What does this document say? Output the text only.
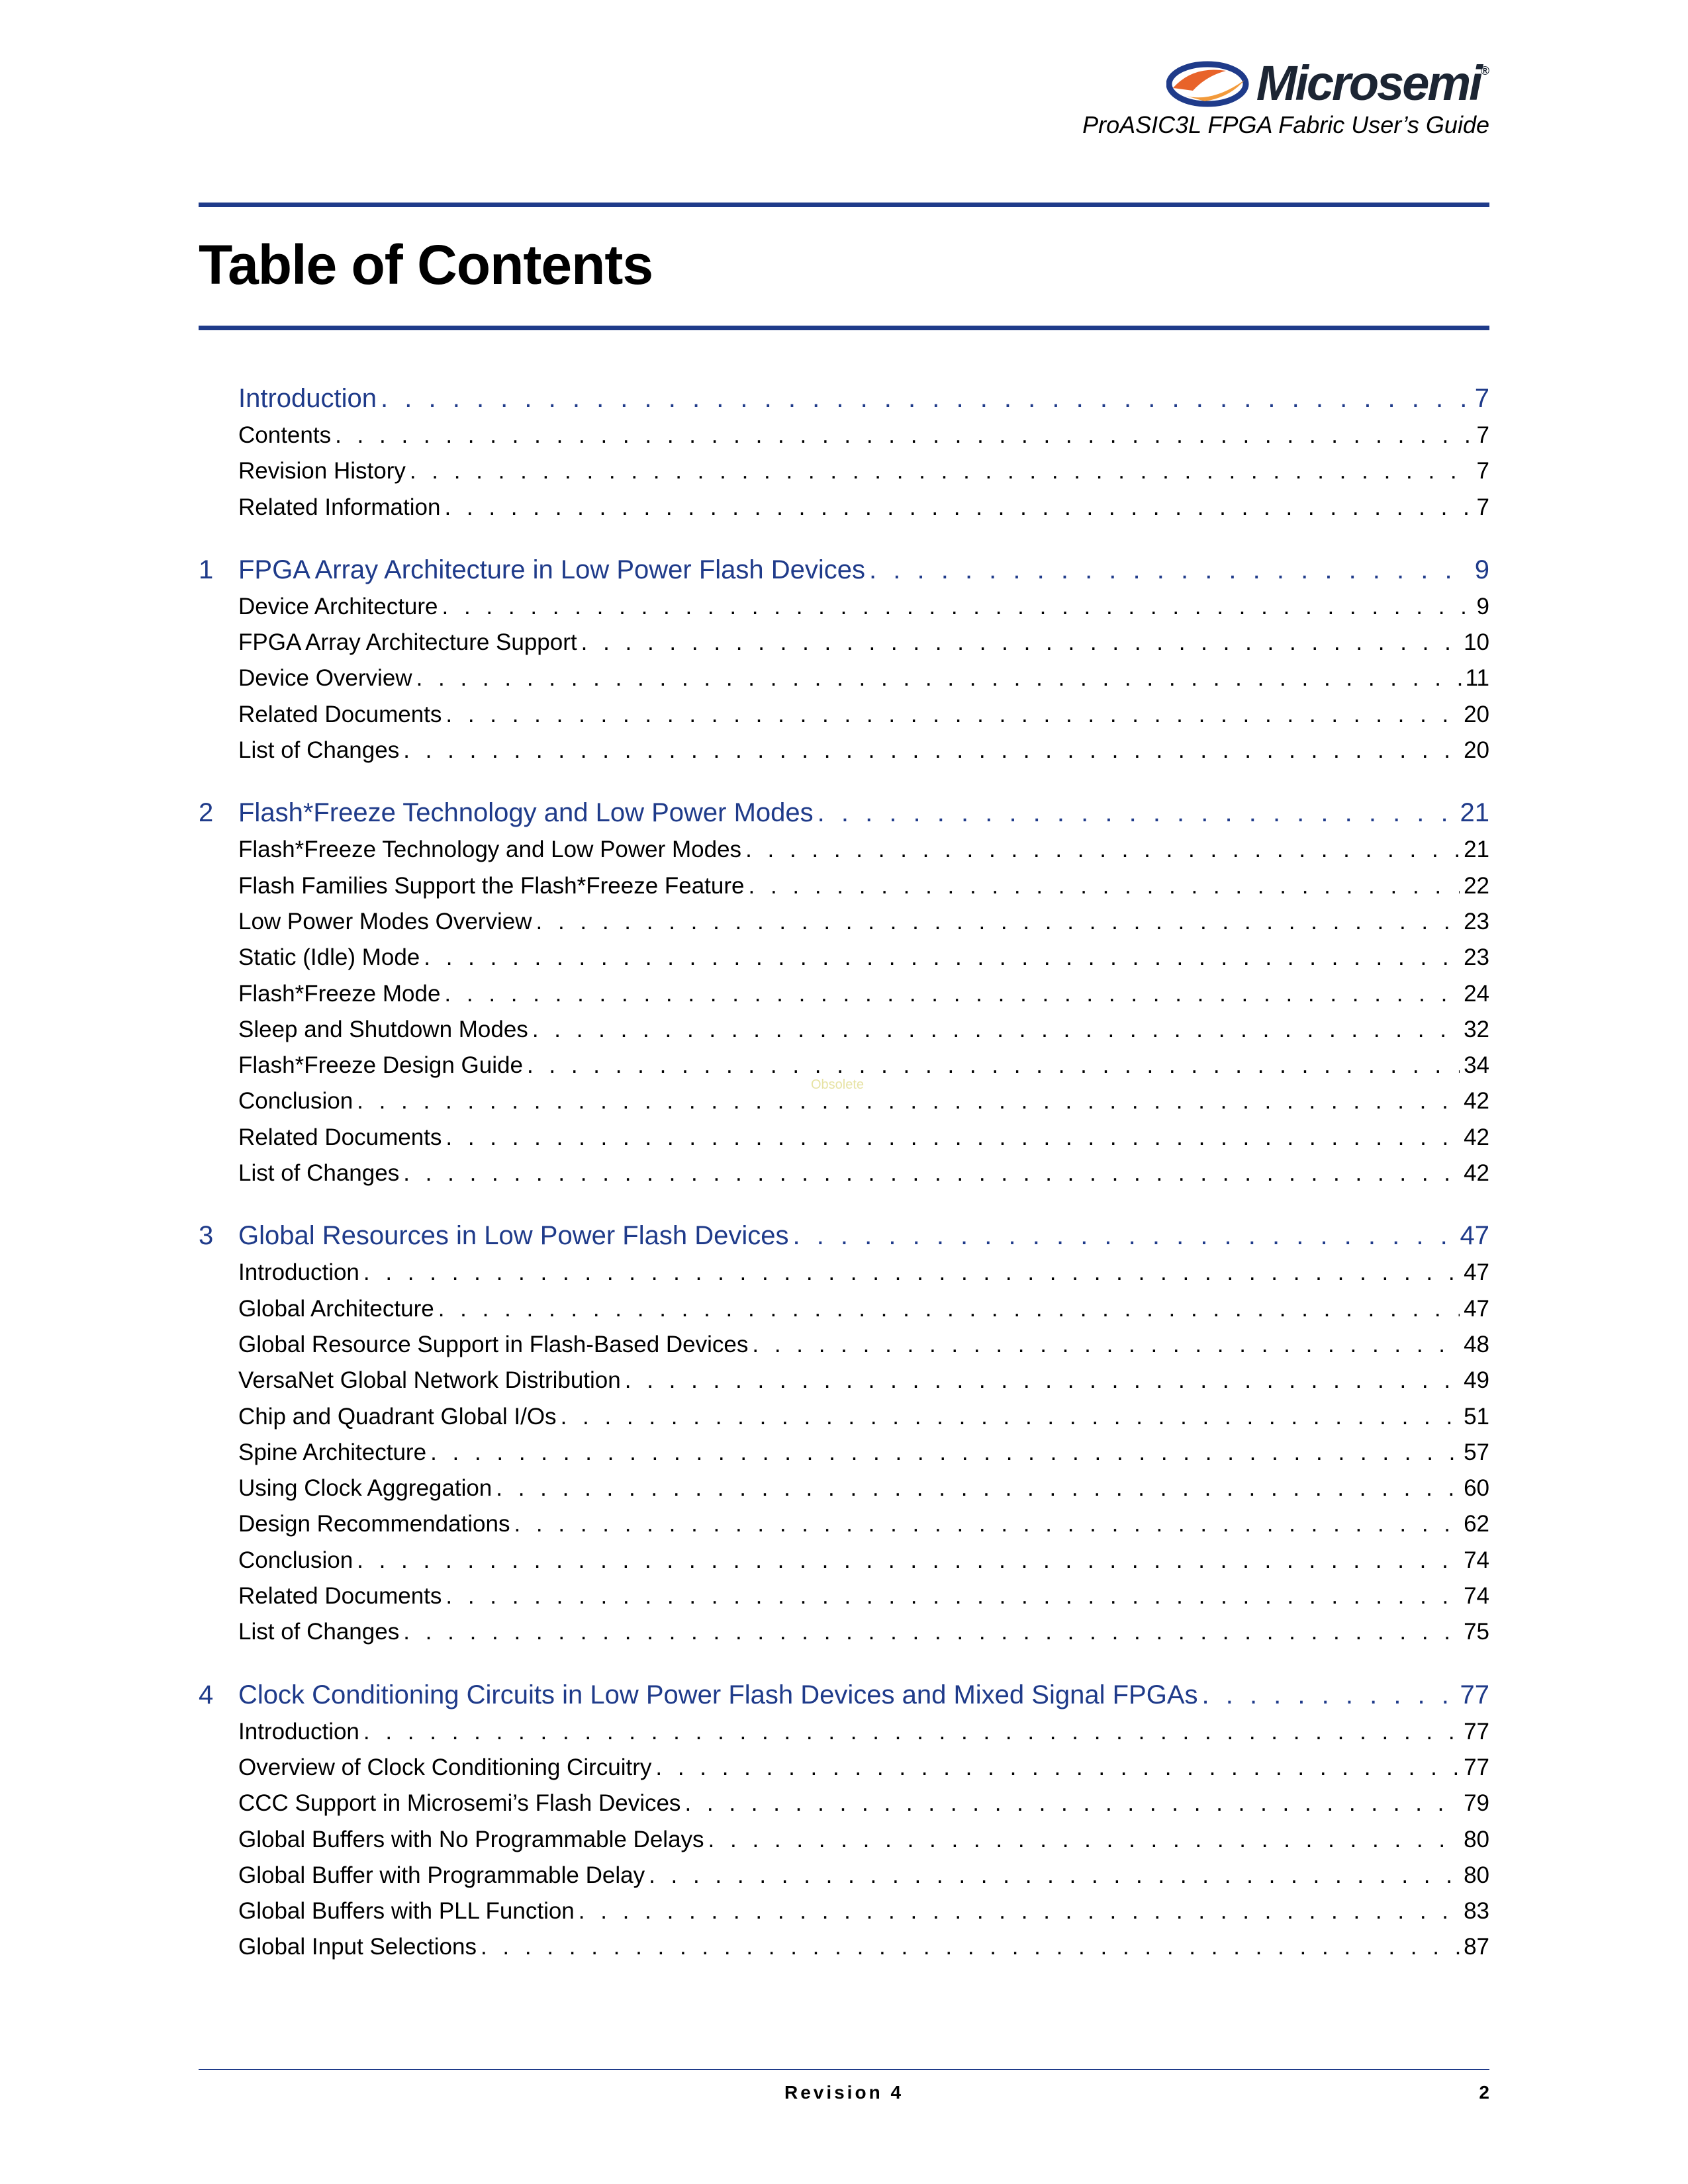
Microsemi®
ProASIC3L FPGA Fabric User’s Guide
Table of Contents
Introduction . . .	7
Contents . . .	7
Revision History . . .	7
Related Information . . .	7
1 FPGA Array Architecture in Low Power Flash Devices . . .	9
Device Architecture . . .	9
FPGA Array Architecture Support . . .	10
Device Overview . . .	11
Related Documents . . .	20
List of Changes . . .	20
2 Flash*Freeze Technology and Low Power Modes . . .	21
Flash*Freeze Technology and Low Power Modes . . .	21
Flash Families Support the Flash*Freeze Feature . . .	22
Low Power Modes Overview . . .	23
Static (Idle) Mode . . .	23
Flash*Freeze Mode . . .	24
Sleep and Shutdown Modes . . .	32
Flash*Freeze Design Guide . . .	34
Conclusion . . .	42
Related Documents . . .	42
List of Changes . . .	42
3 Global Resources in Low Power Flash Devices . . .	47
Introduction . . .	47
Global Architecture . . .	47
Global Resource Support in Flash-Based Devices . . .	48
VersaNet Global Network Distribution . . .	49
Chip and Quadrant Global I/Os . . .	51
Spine Architecture . . .	57
Using Clock Aggregation . . .	60
Design Recommendations . . .	62
Conclusion . . .	74
Related Documents . . .	74
List of Changes . . .	75
4 Clock Conditioning Circuits in Low Power Flash Devices and Mixed Signal FPGAs . . .	77
Introduction . . .	77
Overview of Clock Conditioning Circuitry . . .	77
CCC Support in Microsemi’s Flash Devices . . .	79
Global Buffers with No Programmable Delays . . .	80
Global Buffer with Programmable Delay . . .	80
Global Buffers with PLL Function . . .	83
Global Input Selections . . .	87
Obsolete
Revision 4	2
